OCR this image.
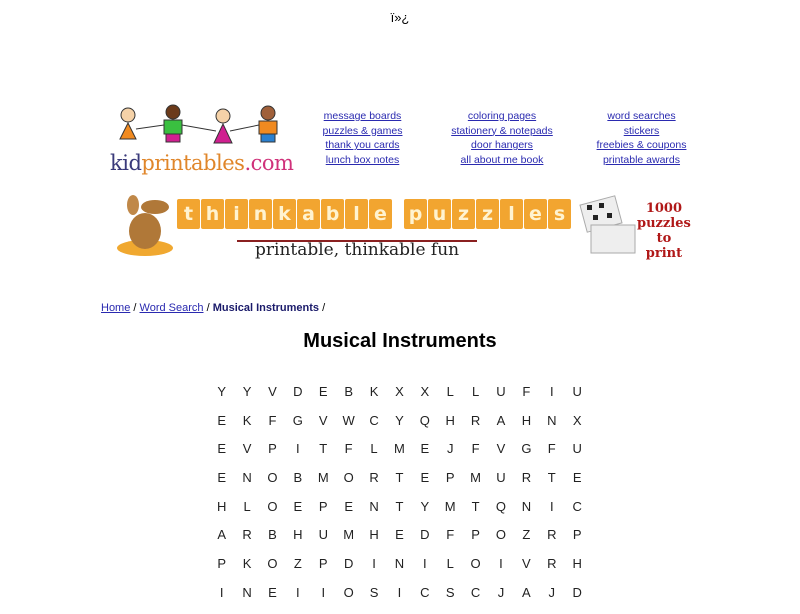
ï»¿
kidprintables.com
message boards	coloring pages	word searches
puzzles & games	stationery & notepads	stickers
thank you cards	door hangers	freebies & coupons
lunch box notes	all about me book	printable awards
t h i n k a b l e p u z z l e s
printable, thinkable fun
1000
puzzles
to print
Home / Word Search / Musical Instruments /
Musical Instruments
Y	Y	V	D	E	B	K	X	X	L	L	U	F	I	U
E	K	F	G	V	W	C	Y	Q	H	R	A	H	N	X
E	V	P	I	T	F	L	M	E	J	F	V	G	F	U
E	N	O	B	M	O	R	T	E	P	M	U	R	T	E
H	L	O	E	P	E	N	T	Y	M	T	Q	N	I	C
A	R	B	H	U	M	H	E	D	F	P	O	Z	R	P
P	K	O	Z	P	D	I	N	I	L	O	I	V	R	H
I	N	E	I	I	O	S	I	C	S	C	J	A	J	D
